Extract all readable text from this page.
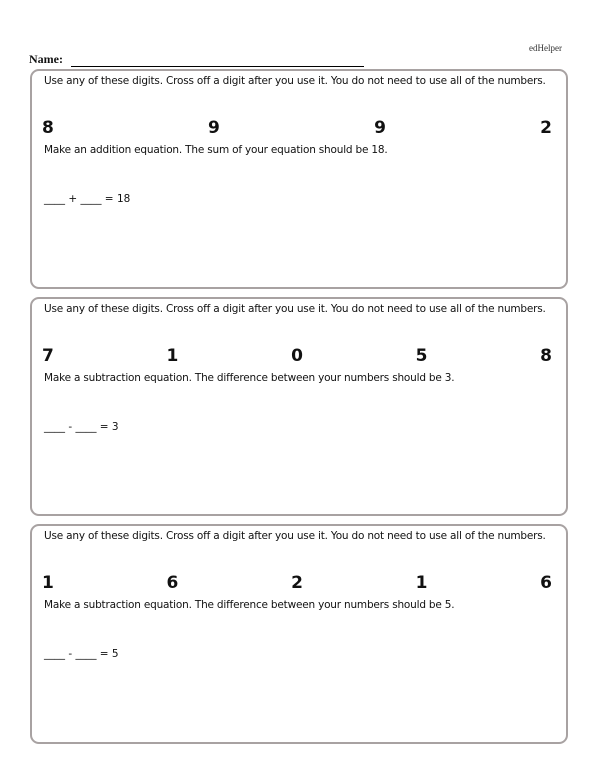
edHelper
Name:
Use any of these digits. Cross off a digit after you use it. You do not need to use all of the numbers.
8	9	9	2
Make an addition equation. The sum of your equation should be 18.
____ + ____ = 18
Use any of these digits. Cross off a digit after you use it. You do not need to use all of the numbers.
7	1	0	5	8
Make a subtraction equation. The difference between your numbers should be 3.
____ - ____ = 3
Use any of these digits. Cross off a digit after you use it. You do not need to use all of the numbers.
1	6	2	1	6
Make a subtraction equation. The difference between your numbers should be 5.
____ - ____ = 5
